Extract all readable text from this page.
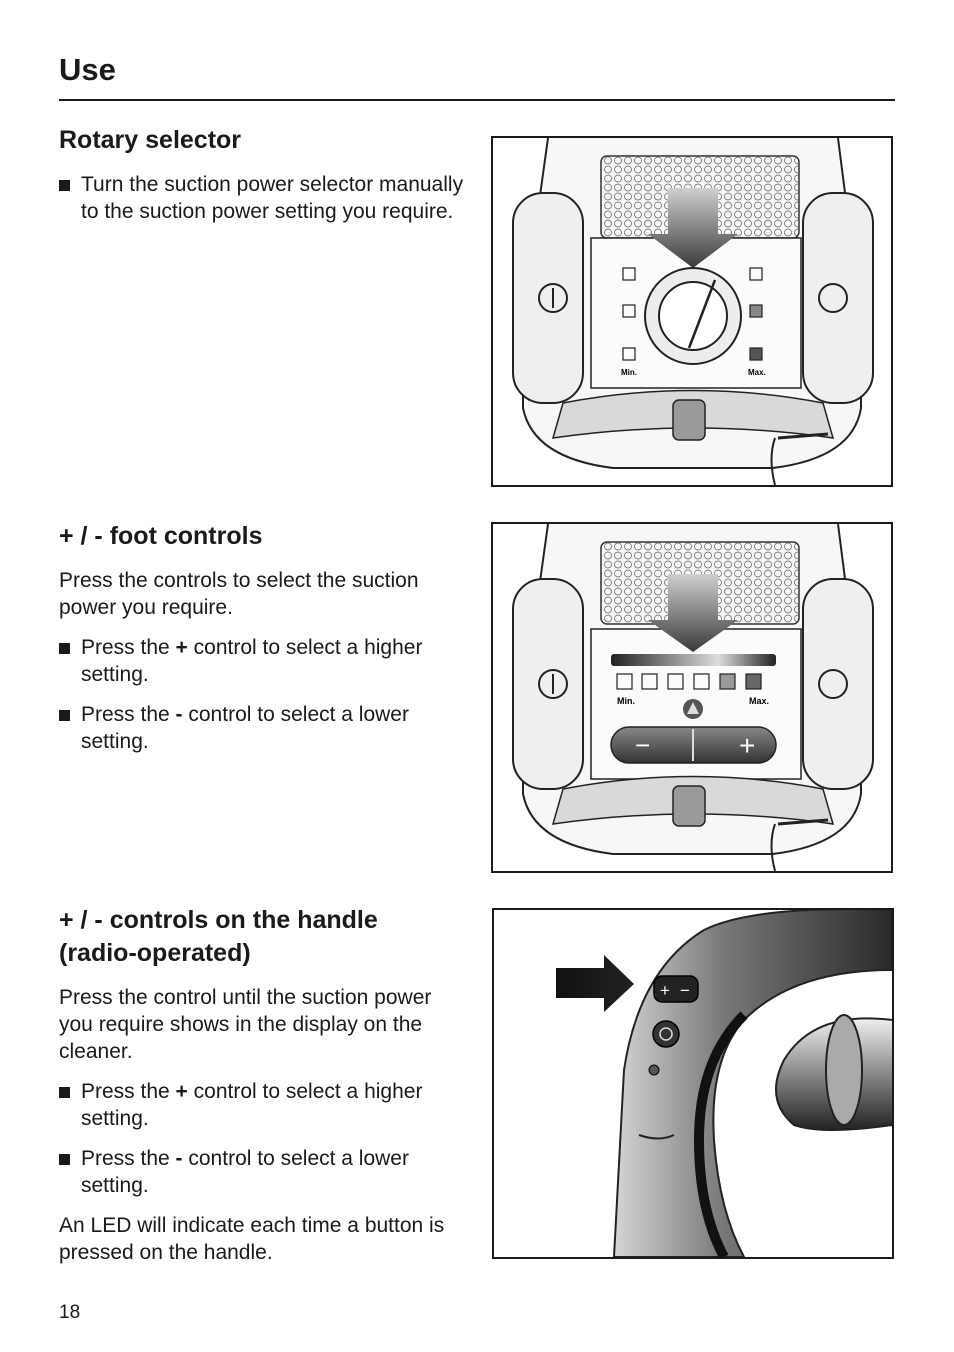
Use
Rotary selector
Turn the suction power selector manually to the suction power setting you require.
+ / - foot controls

Press the controls to select the suction power you require.

Press the + control to select a higher setting.
Press the - control to select a lower setting.
+ / - controls on the handle
(radio-operated)

Press the control until the suction power you require shows in the display on the cleaner.

Press the + control to select a higher setting.
Press the - control to select a lower setting.

An LED will indicate each time a button is pressed on the handle.

Min.	Max.
Min.	Max.
−	+
+ −
18
